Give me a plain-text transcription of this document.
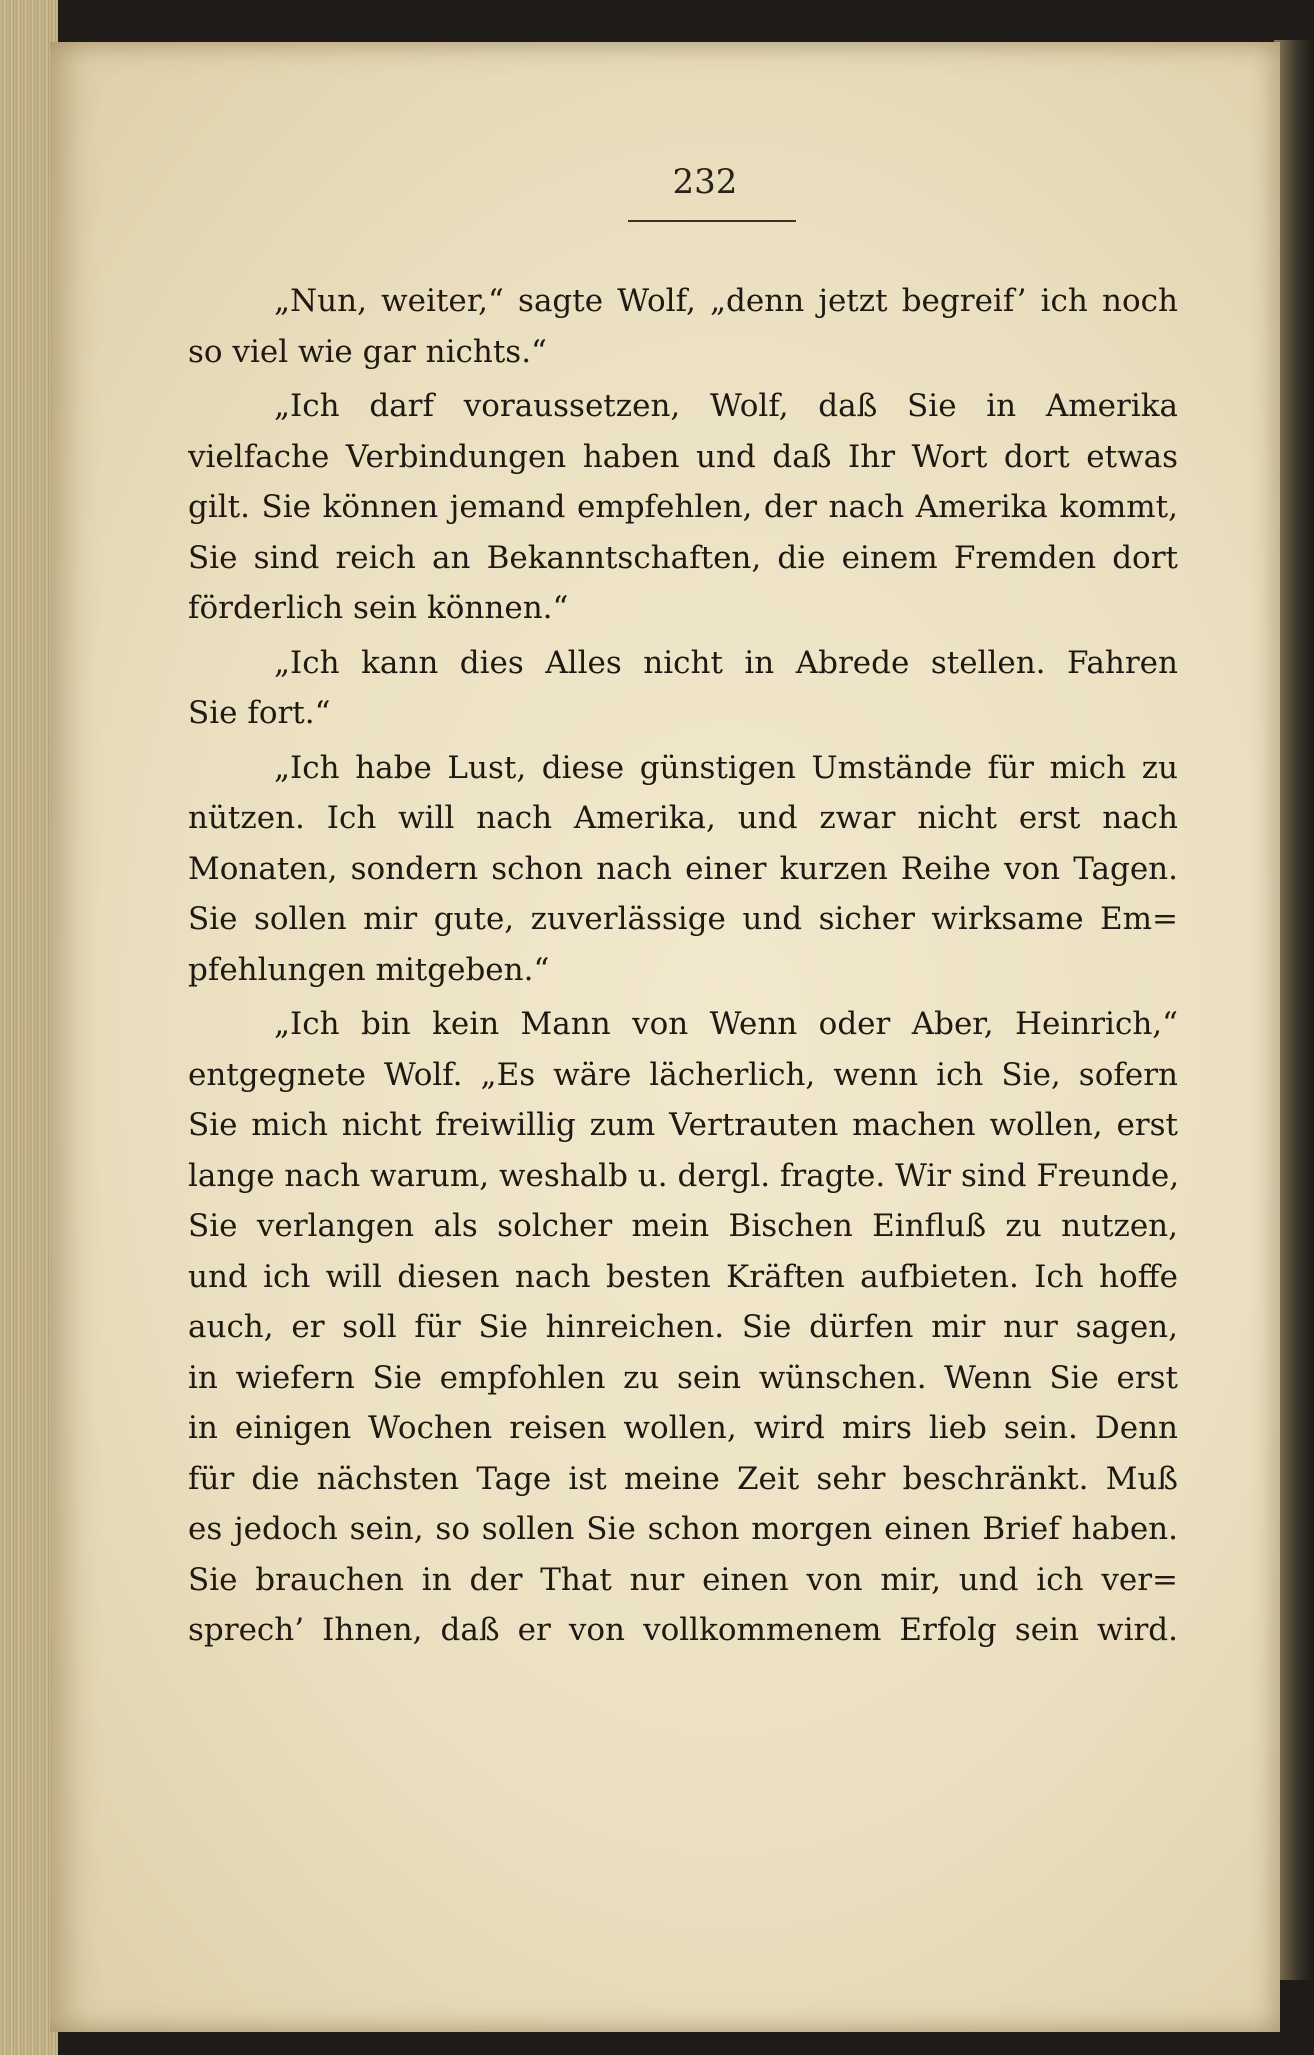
232
„Nun, weiter,“ sagte Wolf, „denn jetzt begreif’ ich noch
so viel wie gar nichts.“
„Ich darf voraussetzen, Wolf, daß Sie in Amerika
vielfache Verbindungen haben und daß Ihr Wort dort etwas
gilt. Sie können jemand empfehlen, der nach Amerika kommt,
Sie sind reich an Bekanntschaften, die einem Fremden dort
förderlich sein können.“
„Ich kann dies Alles nicht in Abrede stellen. Fahren
Sie fort.“
„Ich habe Lust, diese günstigen Umstände für mich zu
nützen. Ich will nach Amerika, und zwar nicht erst nach
Monaten, sondern schon nach einer kurzen Reihe von Tagen.
Sie sollen mir gute, zuverlässige und sicher wirksame Em=
pfehlungen mitgeben.“
„Ich bin kein Mann von Wenn oder Aber, Heinrich,“
entgegnete Wolf. „Es wäre lächerlich, wenn ich Sie, sofern
Sie mich nicht freiwillig zum Vertrauten machen wollen, erst
lange nach warum, weshalb u. dergl. fragte. Wir sind Freunde,
Sie verlangen als solcher mein Bischen Einfluß zu nutzen,
und ich will diesen nach besten Kräften aufbieten. Ich hoffe
auch, er soll für Sie hinreichen. Sie dürfen mir nur sagen,
in wiefern Sie empfohlen zu sein wünschen. Wenn Sie erst
in einigen Wochen reisen wollen, wird mirs lieb sein. Denn
für die nächsten Tage ist meine Zeit sehr beschränkt. Muß
es jedoch sein, so sollen Sie schon morgen einen Brief haben.
Sie brauchen in der That nur einen von mir, und ich ver=
sprech’ Ihnen, daß er von vollkommenem Erfolg sein wird.
